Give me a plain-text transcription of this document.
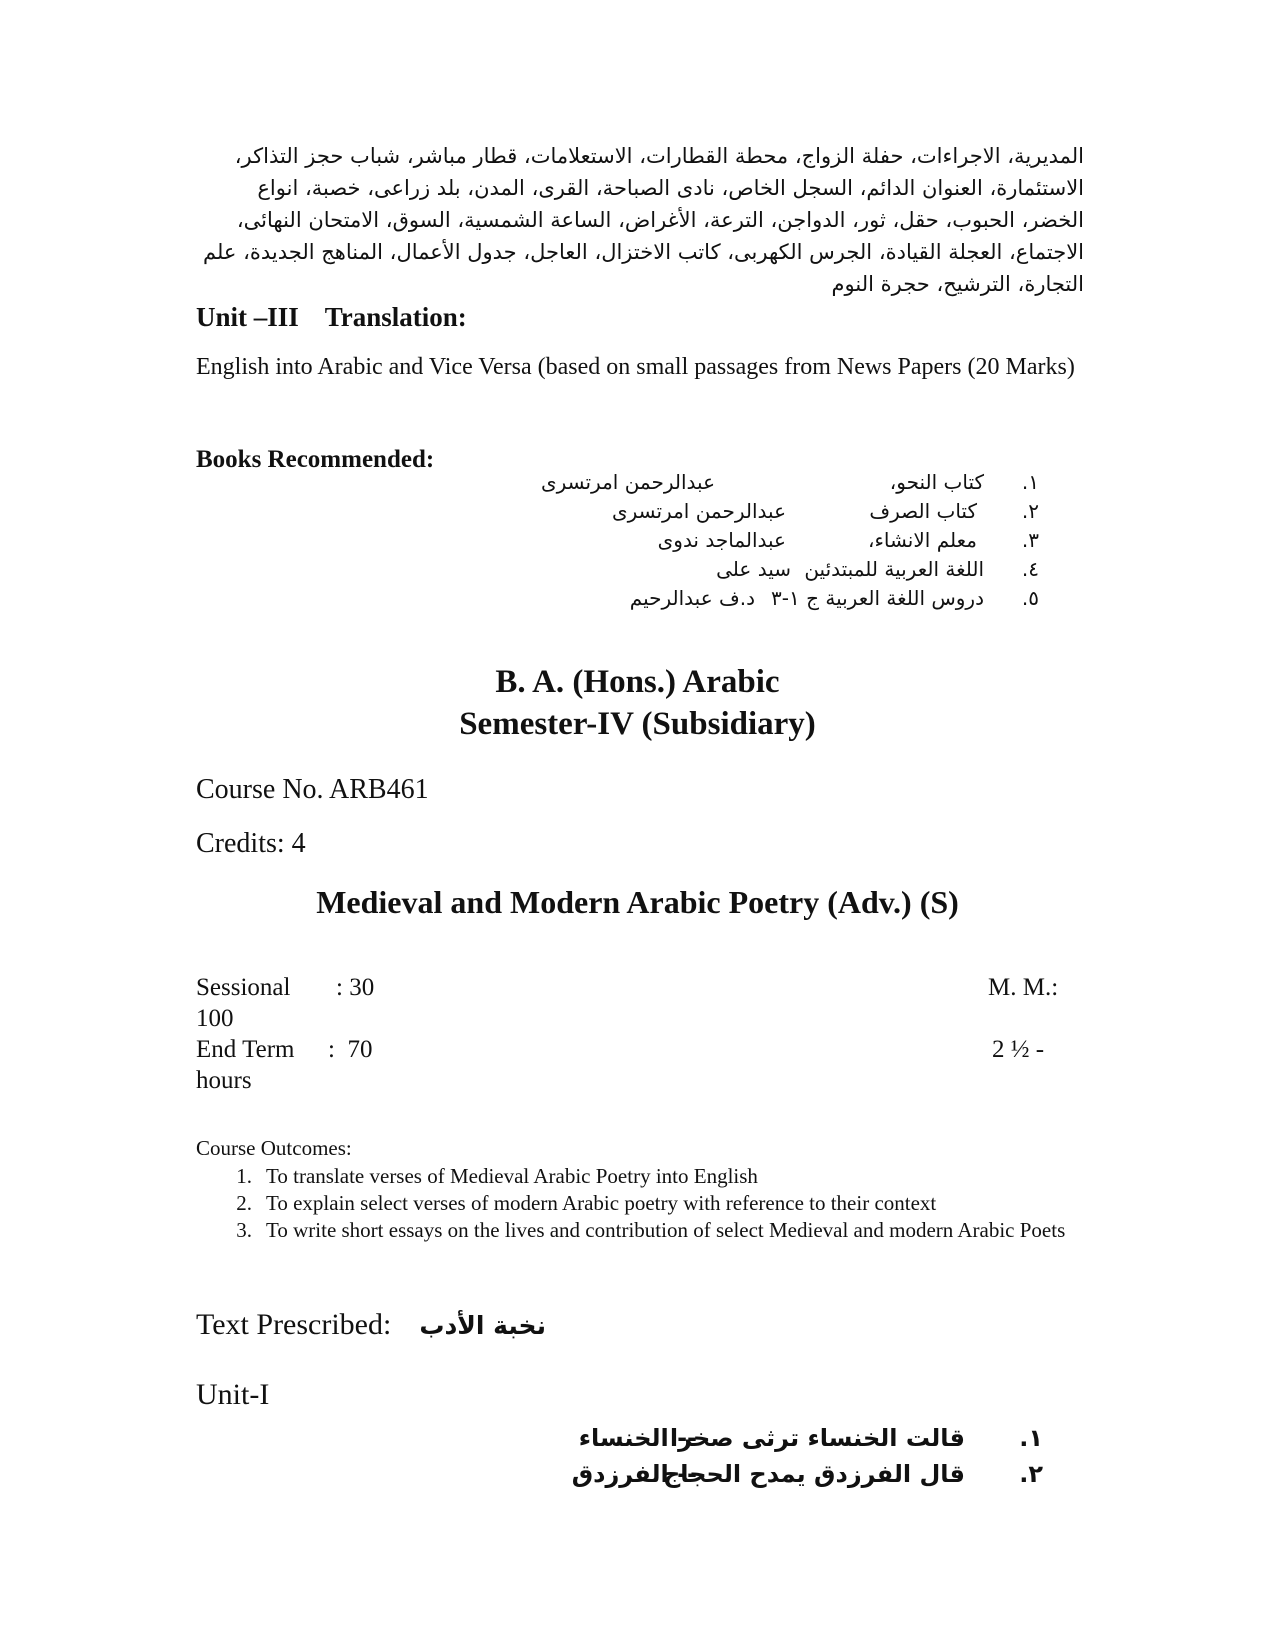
المديرية، الاجراءات، حفلة الزواج، محطة القطارات، الاستعلامات، قطار مباشر، شباب حجز التذاكر،
الاستئمارة، العنوان الدائم، السجل الخاص، نادى الصباحة، القرى، المدن، بلد زراعى، خصبة، انواع
الخضر، الحبوب، حقل، ثور، الدواجن، الترعة، الأغراض، الساعة الشمسية، السوق، الامتحان النهائى،
الاجتماع، العجلة القيادة، الجرس الكهربى، كاتب الاختزال، العاجل، جدول الأعمال، المناهج الجديدة، علم
التجارة، الترشيح، حجرة النوم
Unit –III Translation:
English into Arabic and Vice Versa (based on small passages from News Papers (20 Marks)
Books Recommended:
١.
كتاب النحو،
عبدالرحمن امرتسرى
٢.
كتاب الصرف
عبدالرحمن امرتسرى
٣.
معلم الانشاء،
عبدالماجد ندوى
٤.
اللغة العربية للمبتدئين
سيد على
٥.
دروس اللغة العربية ج ١-٣
د.ف عبدالرحيم
B. A. (Hons.) Arabic
Semester-IV (Subsidiary)
Course No. ARB461
Credits: 4
Medieval and Modern Arabic Poetry (Adv.) (S)
Sessional : 30	M. M.:
100
End Term :  70	2 ½ -
hours
Course Outcomes:
1. To translate verses of Medieval Arabic Poetry into English
2. To explain select verses of modern Arabic poetry with reference to their context
3. To write short essays on the lives and contribution of select Medieval and modern Arabic Poets
Text Prescribed: نخبة الأدب
Unit-I
١.
قالت الخنساء ترثى صخرا
-- الخنساء
٢.
قال الفرزدق يمدح الحجاج
-- الفرزدق
